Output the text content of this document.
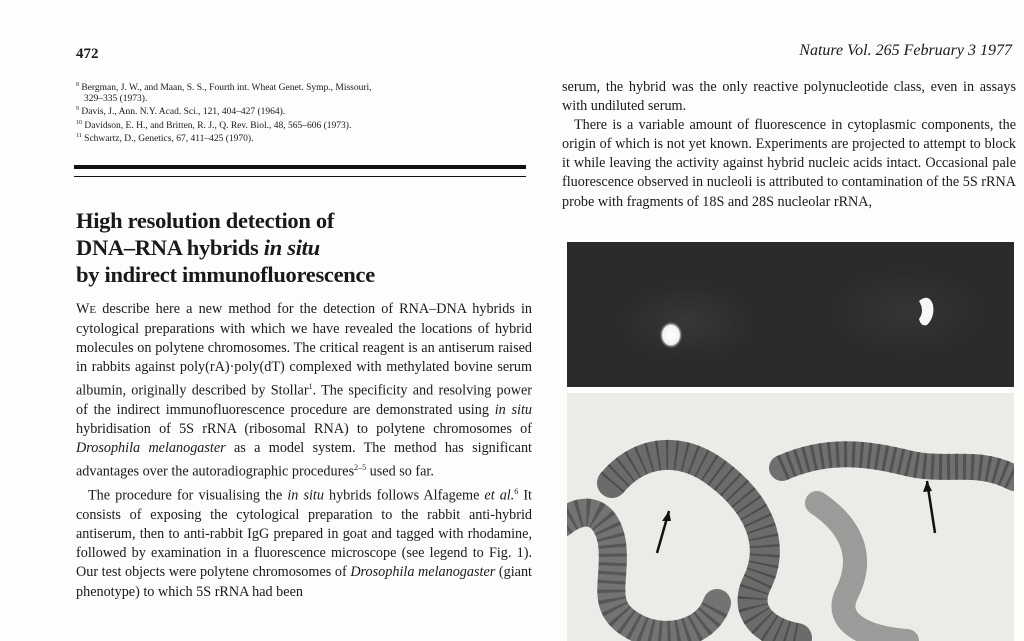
472	Nature Vol. 265 February 3 1977

$^8$ Bergman, J. W., and Maan, S. S., Fourth int. Wheat Genet. Symp., Missouri,

329–335 (1973).

$^9$ Davis, J., Ann. N.Y. Acad. Sci., 121, 404–427 (1964).

$^{10}$ Davidson, E. H., and Britten, R. J., Q. Rev. Biol., 48, 565–606 (1973).

$^{11}$ Schwartz, D., Genetics, 67, 411–425 (1970).

High resolution detection of
DNA–RNA hybrids in situ
by indirect immunofluorescence

WE describe here a new method for the detection of RNA–DNA hybrids in cytological preparations with which we have revealed the locations of hybrid molecules on polytene chromosomes. The critical reagent is an antiserum raised in rabbits against poly(rA)·poly(dT) complexed with methylated bovine serum albumin, originally described by Stollar$^1$. The specificity and resolving power of the indirect immunofluorescence procedure are demonstrated using in situ hybridisation of 5S rRNA (ribosomal RNA) to polytene chromosomes of Drosophila melanogaster as a model system. The method has significant advantages over the autoradiographic procedures$^{2-5}$ used so far.

The procedure for visualising the in situ hybrids follows Alfageme et al.$^6$ It consists of exposing the cytological preparation to the rabbit anti-hybrid antiserum, then to anti-rabbit IgG prepared in goat and tagged with rhodamine, followed by examination in a fluorescence microscope (see legend to Fig. 1). Our test objects were polytene chromosomes of Drosophila melanogaster (giant phenotype) to which 5S rRNA had been

serum, the hybrid was the only reactive polynucleotide class, even in assays with undiluted serum.

There is a variable amount of fluorescence in cytoplasmic components, the origin of which is not yet known. Experiments are projected to attempt to block it while leaving the activity against hybrid nucleic acids intact. Occasional pale fluorescence observed in nucleoli is attributed to contamination of the 5S rRNA probe with fragments of 18S and 28S nucleolar rRNA,
